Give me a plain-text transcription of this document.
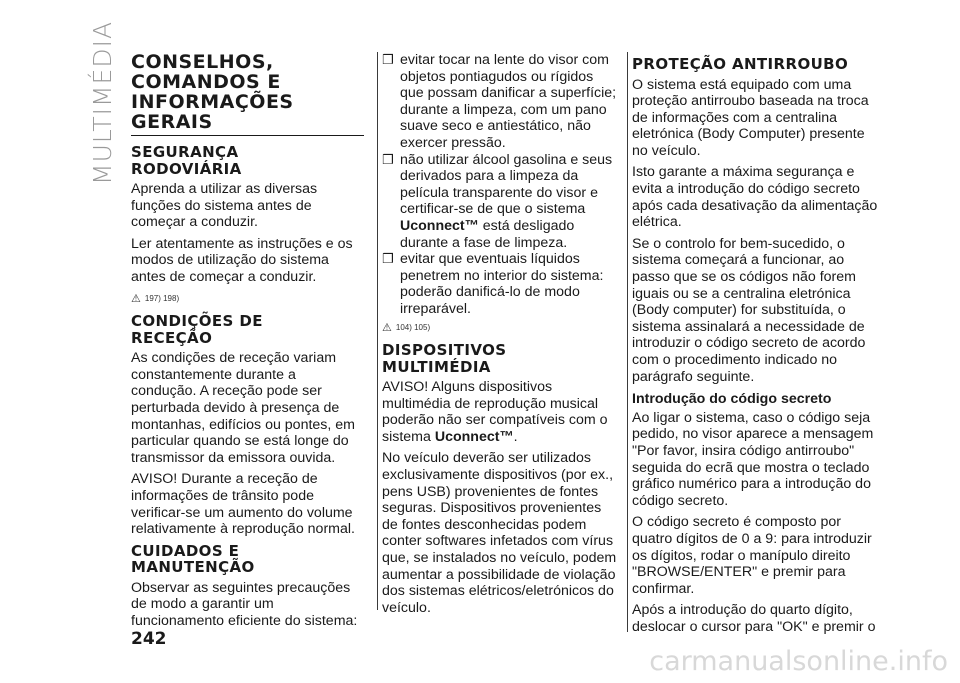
MULTIMÉDIA CONSELHOS,
COMANDOS E
INFORMAÇÕES
GERAIS
SEGURANÇA
RODOVIÁRIA

Aprenda a utilizar as diversas funções do sistema antes de começar a conduzir.

Ler atentamente as instruções e os modos de utilização do sistema antes de começar a conduzir.

⚠ 197) 198)
CONDIÇÕES DE
RECEÇÃO

As condições de receção variam constantemente durante a condução. A receção pode ser perturbada devido à presença de montanhas, edifícios ou pontes, em particular quando se está longe do transmissor da emissora ouvida.

AVISO! Durante a receção de informações de trânsito pode verificar-se um aumento do volume relativamente à reprodução normal.

CUIDADOS E
MANUTENÇÃO

Observar as seguintes precauções de modo a garantir um funcionamento eficiente do sistema:

❒ evitar tocar na lente do visor com objetos pontiagudos ou rígidos que possam danificar a superfície; durante a limpeza, com um pano suave seco e antiestático, não exercer pressão.
❒ não utilizar álcool gasolina e seus derivados para a limpeza da película transparente do visor e certificar-se de que o sistema Uconnect™ está desligado durante a fase de limpeza.
❒ evitar que eventuais líquidos penetrem no interior do sistema: poderão danificá-lo de modo irreparável.
⚠ 104) 105)
DISPOSITIVOS
MULTIMÉDIA

AVISO! Alguns dispositivos multimédia de reprodução musical poderão não ser compatíveis com o sistema Uconnect™.

No veículo deverão ser utilizados exclusivamente dispositivos (por ex., pens USB) provenientes de fontes seguras. Dispositivos provenientes de fontes desconhecidas podem conter softwares infetados com vírus que, se instalados no veículo, podem aumentar a possibilidade de violação dos sistemas elétricos/eletrónicos do veículo.

PROTEÇÃO ANTIRROUBO

O sistema está equipado com uma proteção antirroubo baseada na troca de informações com a centralina eletrónica (Body Computer) presente no veículo.

Isto garante a máxima segurança e evita a introdução do código secreto após cada desativação da alimentação elétrica.

Se o controlo for bem-sucedido, o sistema começará a funcionar, ao passo que se os códigos não forem iguais ou se a centralina eletrónica (Body computer) for substituída, o sistema assinalará a necessidade de introduzir o código secreto de acordo com o procedimento indicado no parágrafo seguinte.

Introdução do código secreto

Ao ligar o sistema, caso o código seja pedido, no visor aparece a mensagem "Por favor, insira código antirroubo" seguida do ecrã que mostra o teclado gráfico numérico para a introdução do código secreto.

O código secreto é composto por quatro dígitos de 0 a 9: para introduzir os dígitos, rodar o manípulo direito "BROWSE/ENTER" e premir para confirmar.

Após a introdução do quarto dígito, deslocar o cursor para "OK" e premir o

242
carmanualsonline.info
